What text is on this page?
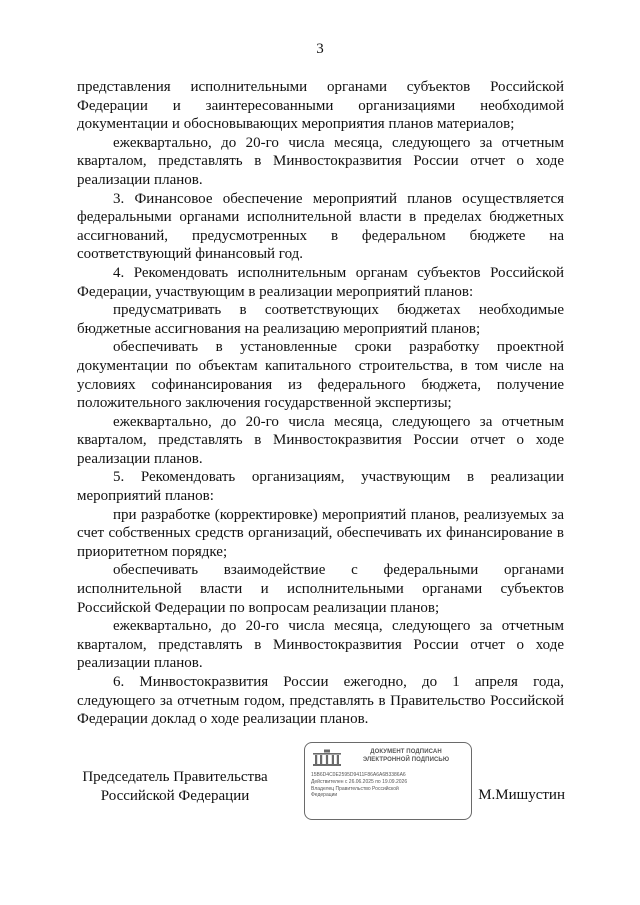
3

представления исполнительными органами субъектов Российской Федерации и заинтересованными организациями необходимой документации и обосновывающих мероприятия планов материалов;

ежеквартально, до 20-го числа месяца, следующего за отчетным кварталом, представлять в Минвостокразвития России отчет о ходе реализации планов.

3. Финансовое обеспечение мероприятий планов осуществляется федеральными органами исполнительной власти в пределах бюджетных ассигнований, предусмотренных в федеральном бюджете на соответствующий финансовый год.

4. Рекомендовать исполнительным органам субъектов Российской Федерации, участвующим в реализации мероприятий планов:

предусматривать в соответствующих бюджетах необходимые бюджетные ассигнования на реализацию мероприятий планов;

обеспечивать в установленные сроки разработку проектной документации по объектам капитального строительства, в том числе на условиях софинансирования из федерального бюджета, получение положительного заключения государственной экспертизы;

ежеквартально, до 20-го числа месяца, следующего за отчетным кварталом, представлять в Минвостокразвития России отчет о ходе реализации планов.

5. Рекомендовать организациям, участвующим в реализации мероприятий планов:

при разработке (корректировке) мероприятий планов, реализуемых за счет собственных средств организаций, обеспечивать их финансирование в приоритетном порядке;

обеспечивать взаимодействие с федеральными органами исполнительной власти и исполнительными органами субъектов Российской Федерации по вопросам реализации планов;

ежеквартально, до 20-го числа месяца, следующего за отчетным кварталом, представлять в Минвостокразвития России отчет о ходе реализации планов.

6. Минвостокразвития России ежегодно, до 1 апреля года, следующего за отчетным годом, представлять в Правительство Российской Федерации доклад о ходе реализации планов.

Председатель Правительства
Российской Федерации
ДОКУМЕНТ ПОДПИСАН
ЭЛЕКТРОННОЙ ПОДПИСЬЮ
15B6D4C0E2595D9411F86A6A6B3386A6
Действителен с 26.06.2025 по 19.09.2026
Владелец Правительство Российской
Федерации	М.Мишустин
